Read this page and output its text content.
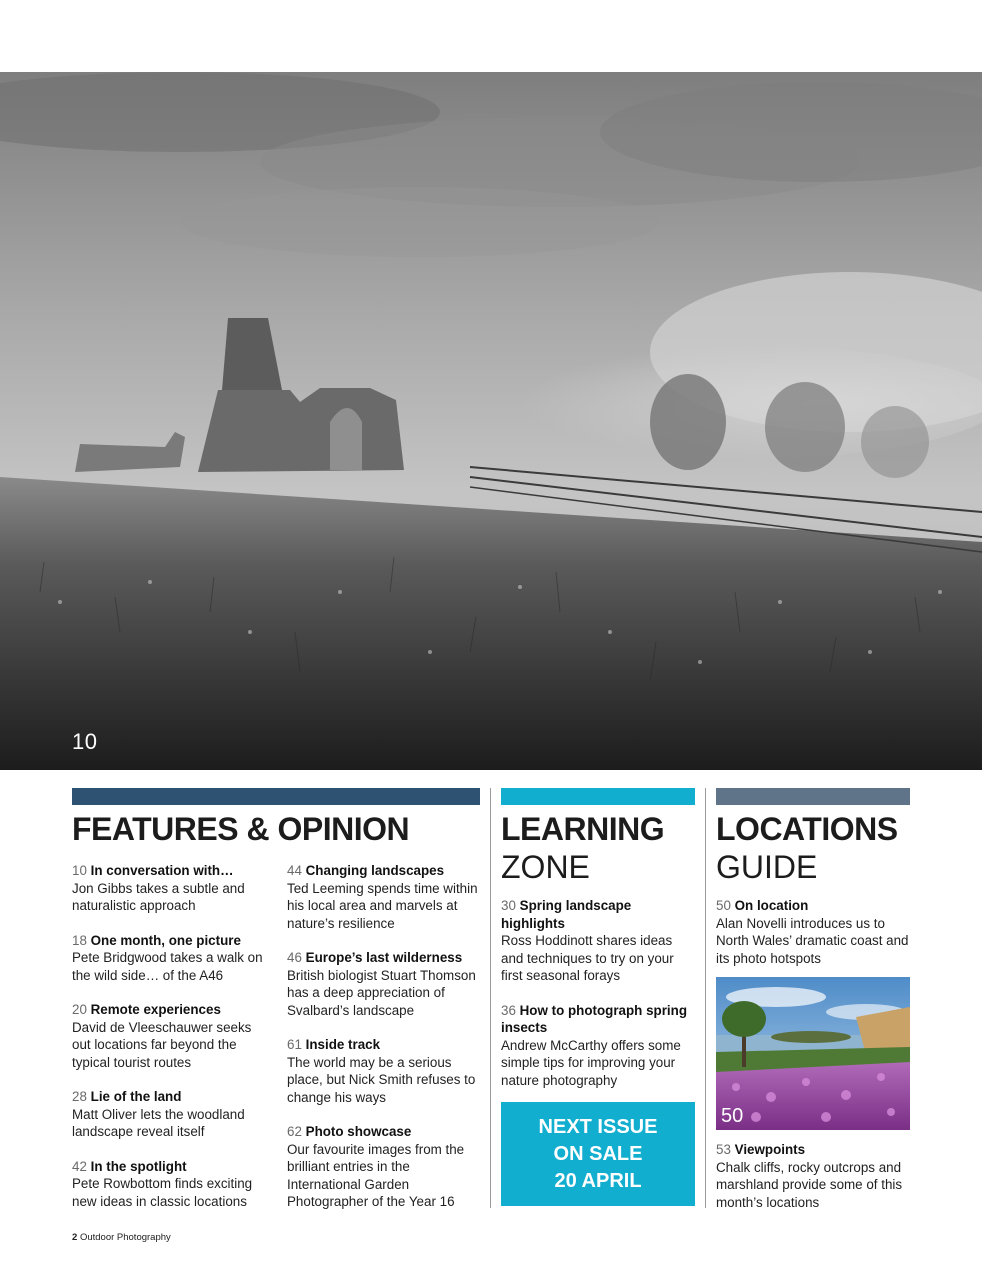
10

FEATURES & OPINION	LEARNING
ZONE
LOCATIONS
GUIDE

10 In conversation with…
Jon Gibbs takes a subtle and naturalistic approach

18 One month, one picture
Pete Bridgwood takes a walk on the wild side… of the A46

20 Remote experiences
David de Vleeschauwer seeks out locations far beyond the typical tourist routes

28 Lie of the land
Matt Oliver lets the woodland landscape reveal itself

42 In the spotlight
Pete Rowbottom finds exciting new ideas in classic locations

44 Changing landscapes
Ted Leeming spends time within his local area and marvels at nature’s resilience

46 Europe’s last wilderness
British biologist Stuart Thomson has a deep appreciation of Svalbard’s landscape

61 Inside track
The world may be a serious place, but Nick Smith refuses to change his ways

62 Photo showcase
Our favourite images from the brilliant entries in the International Garden Photographer of the Year 16

30 Spring landscape highlights
Ross Hoddinott shares ideas and techniques to try on your first seasonal forays

36 How to photograph spring insects
Andrew McCarthy offers some simple tips for improving your nature photography

NEXT ISSUE
ON SALE
20 APRIL

50 On location
Alan Novelli introduces us to North Wales’ dramatic coast and its photo hotspots

50

53 Viewpoints
Chalk cliffs, rocky outcrops and marshland provide some of this month’s locations

2 Outdoor Photography
